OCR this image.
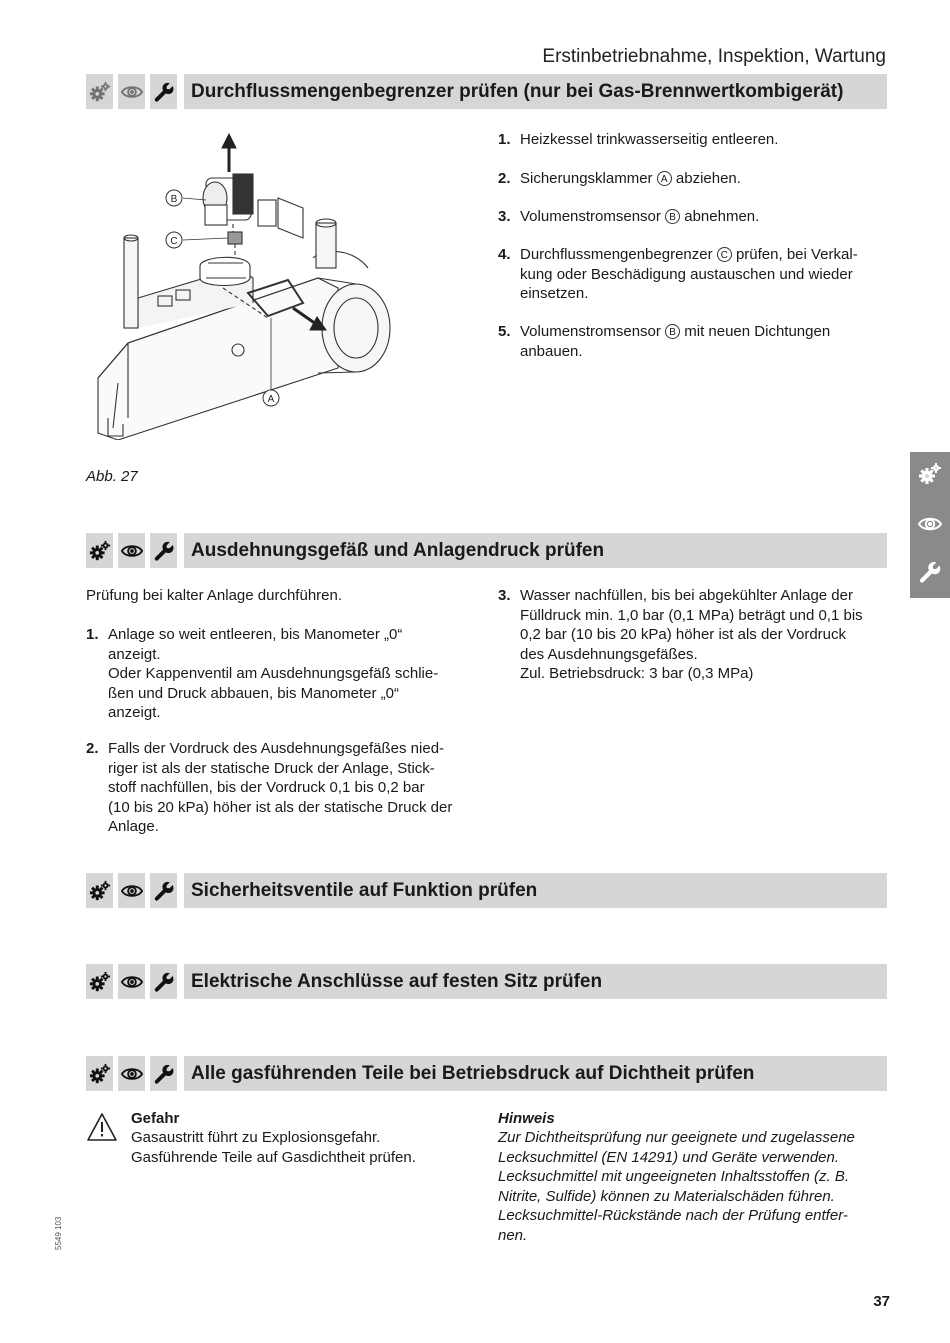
Erstinbetriebnahme, Inspektion, Wartung
Durchflussmengenbegrenzer prüfen (nur bei Gas-Brennwertkombigerät)
B
C
A
Abb. 27
1. Heizkessel trinkwasserseitig entleeren.
2. Sicherungsklammer A abziehen.
3. Volumenstromsensor B abnehmen.
4. Durchflussmengenbegrenzer C prüfen, bei Verkal-
kung oder Beschädigung austauschen und wieder
einsetzen.
5. Volumenstromsensor B mit neuen Dichtungen
anbauen.
Ausdehnungsgefäß und Anlagendruck prüfen
Prüfung bei kalter Anlage durchführen.
1. Anlage so weit entleeren, bis Manometer „0“
anzeigt.
Oder Kappenventil am Ausdehnungsgefäß schlie-
ßen und Druck abbauen, bis Manometer „0“
anzeigt.
2. Falls der Vordruck des Ausdehnungsgefäßes nied-
riger ist als der statische Druck der Anlage, Stick-
stoff nachfüllen, bis der Vordruck 0,1 bis 0,2 bar
(10 bis 20 kPa) höher ist als der statische Druck der
Anlage.
3. Wasser nachfüllen, bis bei abgekühlter Anlage der
Fülldruck min. 1,0 bar (0,1 MPa) beträgt und 0,1 bis
0,2 bar (10 bis 20 kPa) höher ist als der Vordruck
des Ausdehnungsgefäßes.
Zul. Betriebsdruck: 3 bar (0,3 MPa)
Sicherheitsventile auf Funktion prüfen
Elektrische Anschlüsse auf festen Sitz prüfen
Alle gasführenden Teile bei Betriebsdruck auf Dichtheit prüfen
Gefahr
Gasaustritt führt zu Explosionsgefahr.
Gasführende Teile auf Gasdichtheit prüfen.
Hinweis
Zur Dichtheitsprüfung nur geeignete und zugelassene
Lecksuchmittel (EN 14291) und Geräte verwenden.
Lecksuchmittel mit ungeeigneten Inhaltsstoffen (z. B.
Nitrite, Sulfide) können zu Materialschäden führen.
Lecksuchmittel-Rückstände nach der Prüfung entfer-
nen.
5549 103
37
